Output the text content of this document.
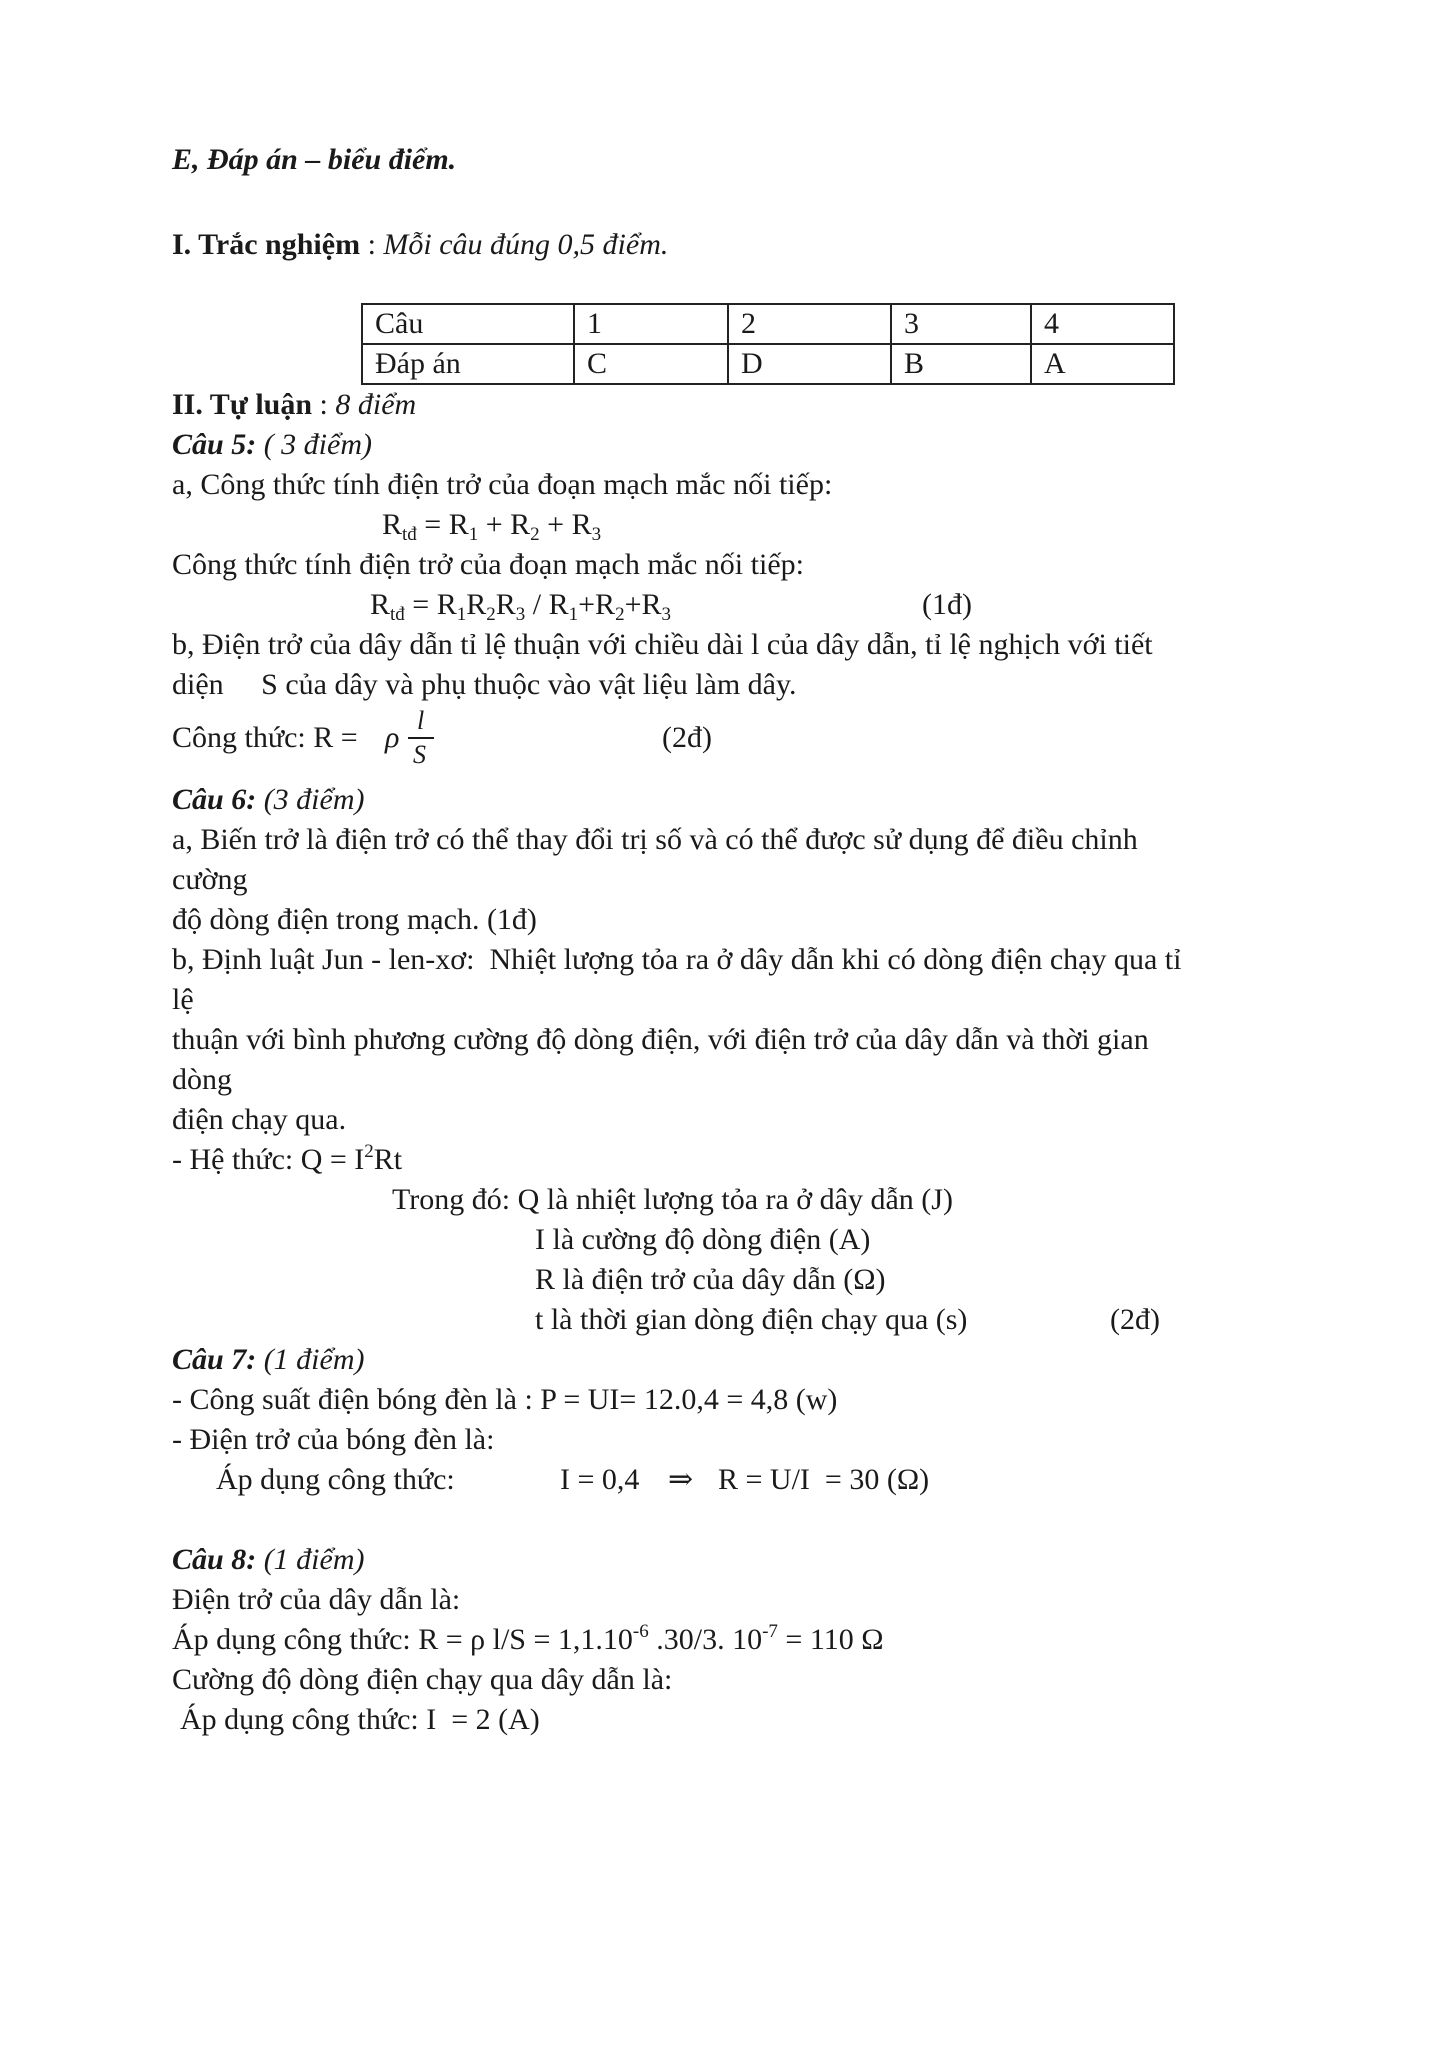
E, Đáp án – biểu điểm.
I. Trắc nghiệm : Mỗi câu đúng 0,5 điểm.
Câu	1	2	3	4
Đáp án	C	D	B	A
II. Tự luận : 8 điểm
Câu 5: ( 3 điểm)
a, Công thức tính điện trở của đoạn mạch mắc nối tiếp:
$R_{tđ} = R_1 + R_2 + R_3$
Công thức tính điện trở của đoạn mạch mắc nối tiếp:
$R_{tđ} = R_1R_2R_3 / R_1+R_2+R_3$	(1đ)
b, Điện trở của dây dẫn tỉ lệ thuận với chiều dài l của dây dẫn, tỉ lệ nghịch với tiết
diện     S của dây và phụ thuộc vào vật liệu làm dây.
Công thức: R = ρ
l
S
(2đ)
Câu 6: (3 điểm)
a, Biến trở là điện trở có thể thay đổi trị số và có thể được sử dụng để điều chỉnh
cường
độ dòng điện trong mạch. (1đ)
b, Định luật Jun - len-xơ:  Nhiệt lượng tỏa ra ở dây dẫn khi có dòng điện chạy qua tỉ
lệ
thuận với bình phương cường độ dòng điện, với điện trở của dây dẫn và thời gian
dòng
điện chạy qua.
- Hệ thức: $Q = I^2Rt$
Trong đó: Q là nhiệt lượng tỏa ra ở dây dẫn (J)
I là cường độ dòng điện (A)
R là điện trở của dây dẫn (Ω)
t là thời gian dòng điện chạy qua (s)	(2đ)
Câu 7: (1 điểm)
- Công suất điện bóng đèn là : P = UI= 12.0,4 = 4,8 (w)
- Điện trở của bóng đèn là:
Áp dụng công thức:	I = 0,4 ⇒ R = U/I  = 30 (Ω)
Câu 8: (1 điểm)
Điện trở của dây dẫn là:
Áp dụng công thức: R = ρ $l/S = 1,1.10^{-6}$ .30/3. $10^{-7} = 110$ Ω
Cường độ dòng điện chạy qua dây dẫn là:
Áp dụng công thức: I  = 2 (A)
